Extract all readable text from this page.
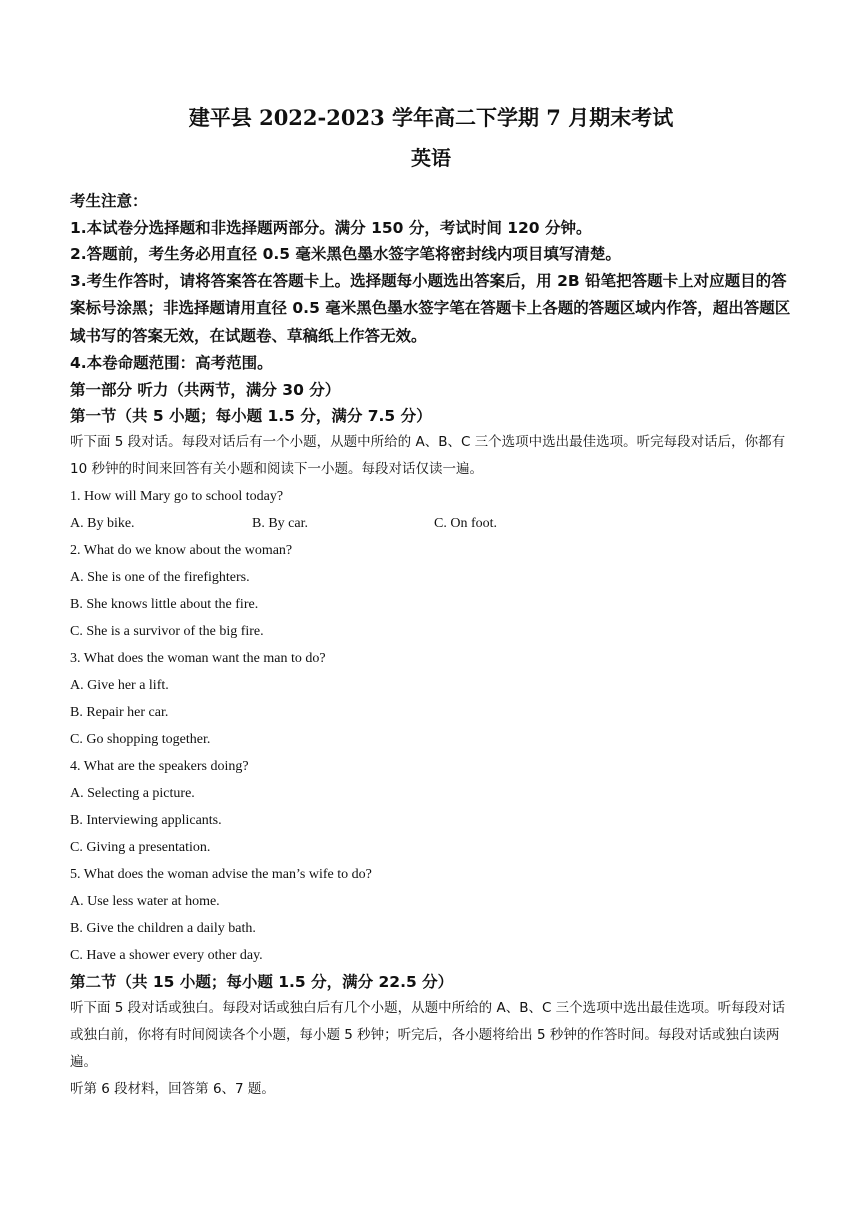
建平县 2022-2023 学年高二下学期 7 月期末考试
英语

考生注意：

1.本试卷分选择题和非选择题两部分。满分 150 分，考试时间 120 分钟。

2.答题前，考生务必用直径 0.5 毫米黑色墨水签字笔将密封线内项目填写清楚。

3.考生作答时，请将答案答在答题卡上。选择题每小题选出答案后，用 2B 铅笔把答题卡上对应题目的答案标号涂黑；非选择题请用直径 0.5 毫米黑色墨水签字笔在答题卡上各题的答题区域内作答，超出答题区域书写的答案无效，在试题卷、草稿纸上作答无效。

4.本卷命题范围：高考范围。

第一部分 听力（共两节，满分 30 分）

第一节（共 5 小题；每小题 1.5 分，满分 7.5 分）

听下面 5 段对话。每段对话后有一个小题，从题中所给的 A、B、C 三个选项中选出最佳选项。听完每段对话后，你都有 10 秒钟的时间来回答有关小题和阅读下一小题。每段对话仅读一遍。

1. How will Mary go to school today?

A. By bike.	B. By car.	C. On foot.

2. What do we know about the woman?

A. She is one of the firefighters.

B. She knows little about the fire.

C. She is a survivor of the big fire.

3. What does the woman want the man to do?

A. Give her a lift.

B. Repair her car.

C. Go shopping together.

4. What are the speakers doing?

A. Selecting a picture.

B. Interviewing applicants.

C. Giving a presentation.

5. What does the woman advise the man’s wife to do?

A. Use less water at home.

B. Give the children a daily bath.

C. Have a shower every other day.

第二节（共 15 小题；每小题 1.5 分，满分 22.5 分）

听下面 5 段对话或独白。每段对话或独白后有几个小题，从题中所给的 A、B、C 三个选项中选出最佳选项。听每段对话或独白前，你将有时间阅读各个小题，每小题 5 秒钟；听完后，各小题将给出 5 秒钟的作答时间。每段对话或独白读两遍。

听第 6 段材料，回答第 6、7 题。
